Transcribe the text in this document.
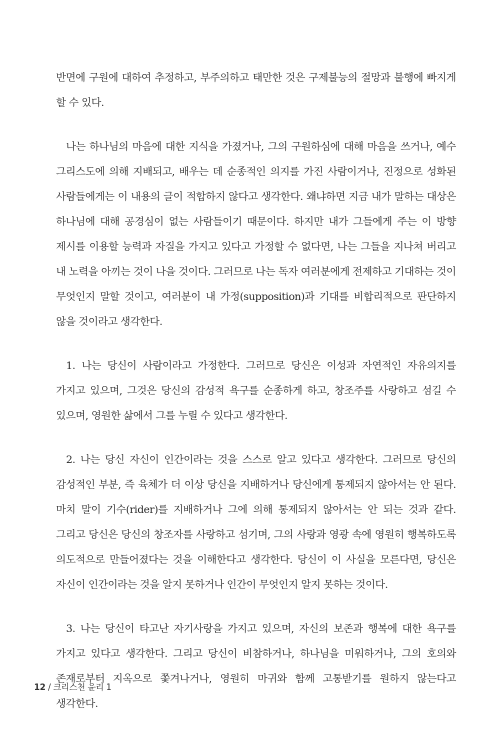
반면에 구원에 대하여 추정하고, 부주의하고 태만한 것은 구제불능의 절망과 불행에 빠지게 할 수 있다.

나는 하나님의 마음에 대한 지식을 가졌거나, 그의 구원하심에 대해 마음을 쓰거나, 예수 그리스도에 의해 지배되고, 배우는 데 순종적인 의지를 가진 사람이거나, 진정으로 성화된 사람들에게는 이 내용의 글이 적합하지 않다고 생각한다. 왜냐하면 지금 내가 말하는 대상은 하나님에 대해 공경심이 없는 사람들이기 때문이다. 하지만 내가 그들에게 주는 이 방향 제시를 이용할 능력과 자질을 가지고 있다고 가정할 수 없다면, 나는 그들을 지나쳐 버리고 내 노력을 아끼는 것이 나을 것이다. 그러므로 나는 독자 여러분에게 전제하고 기대하는 것이 무엇인지 말할 것이고, 여러분이 내 가정(supposition)과 기대를 비합리적으로 판단하지 않을 것이라고 생각한다.

1. 나는 당신이 사람이라고 가정한다. 그러므로 당신은 이성과 자연적인 자유의지를 가지고 있으며, 그것은 당신의 감성적 욕구를 순종하게 하고, 창조주를 사랑하고 섬길 수 있으며, 영원한 삶에서 그를 누릴 수 있다고 생각한다.

2. 나는 당신 자신이 인간이라는 것을 스스로 알고 있다고 생각한다. 그러므로 당신의 감성적인 부분, 즉 육체가 더 이상 당신을 지배하거나 당신에게 통제되지 않아서는 안 된다. 마치 말이 기수(rider)를 지배하거나 그에 의해 통제되지 않아서는 안 되는 것과 같다. 그리고 당신은 당신의 창조자를 사랑하고 섬기며, 그의 사랑과 영광 속에 영원히 행복하도록 의도적으로 만들어졌다는 것을 이해한다고 생각한다. 당신이 이 사실을 모른다면, 당신은 자신이 인간이라는 것을 알지 못하거나 인간이 무엇인지 알지 못하는 것이다.

3. 나는 당신이 타고난 자기사랑을 가지고 있으며, 자신의 보존과 행복에 대한 욕구를 가지고 있다고 생각한다. 그리고 당신이 비참하거나, 하나님을 미워하거나, 그의 호의와 존재로부터 지옥으로 쫓겨나거나, 영원히 마귀와 함께 고통받기를 원하지 않는다고 생각한다.

12 / 크리스천 윤리 1
